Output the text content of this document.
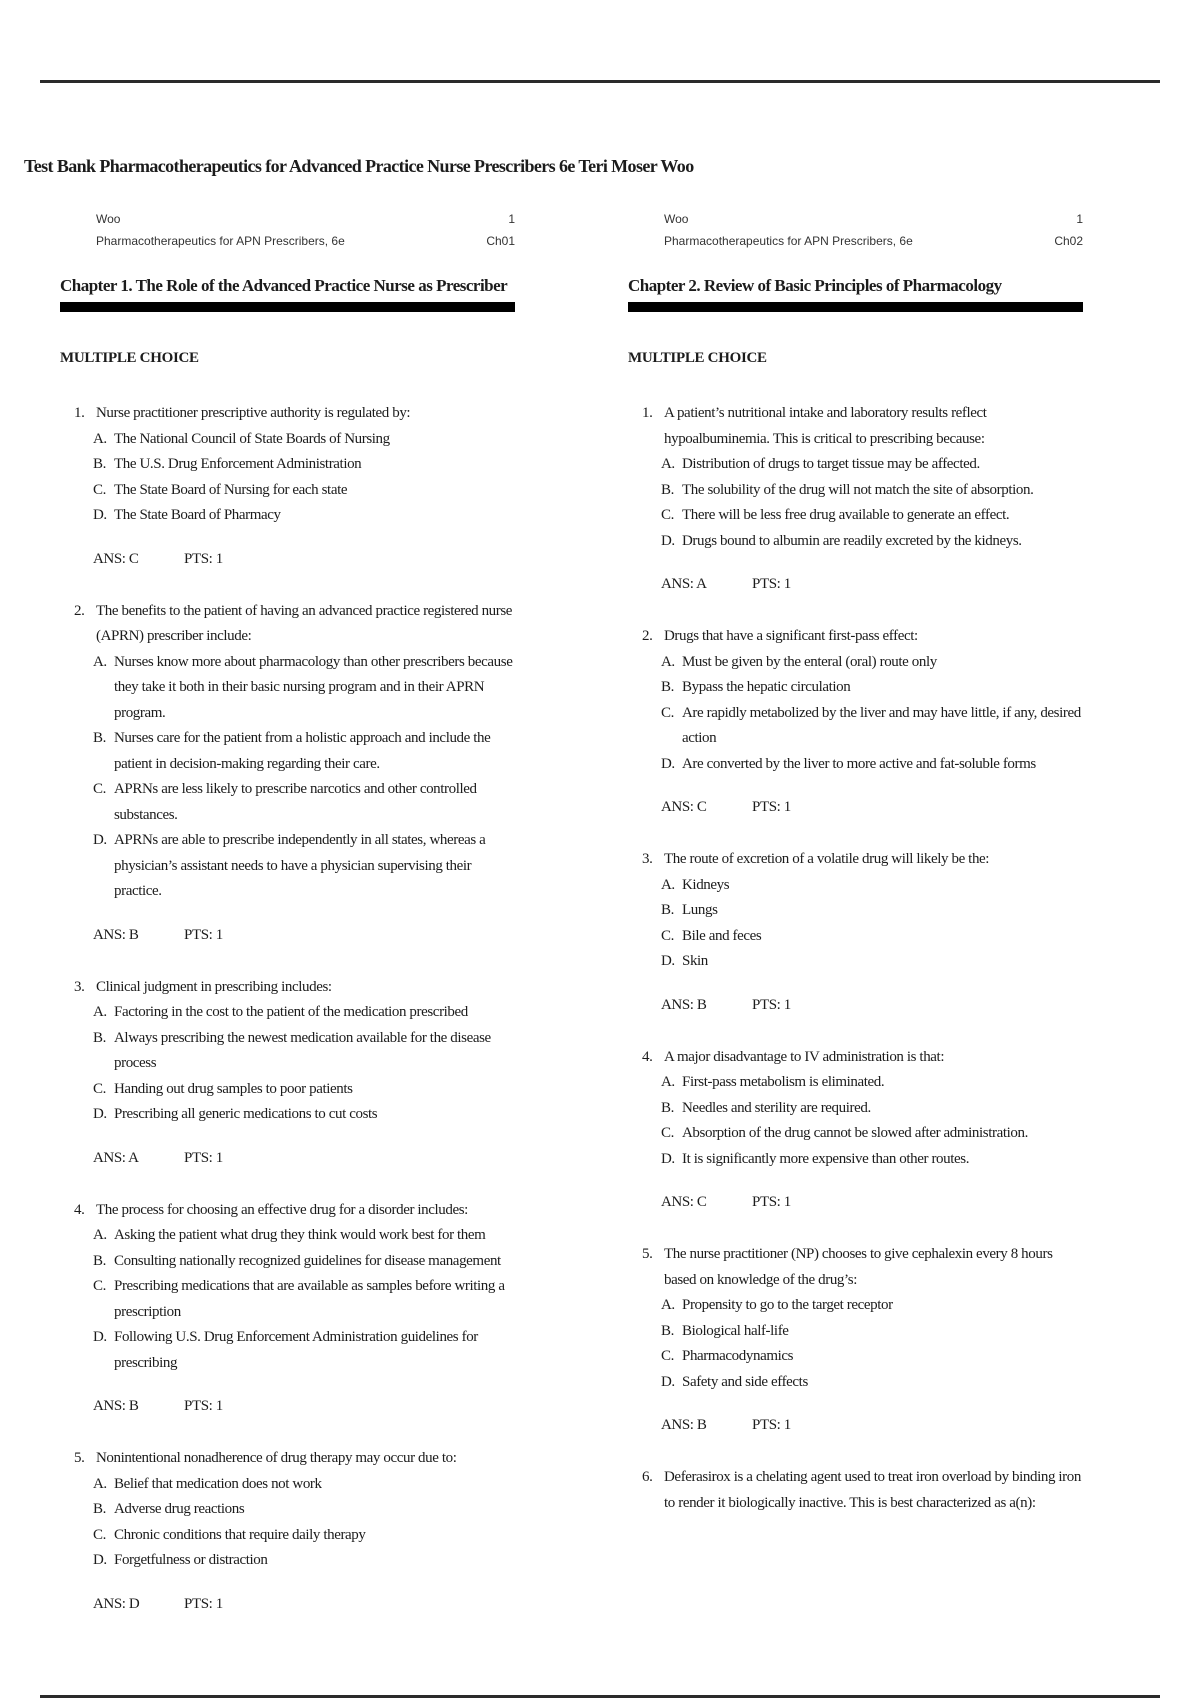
Test Bank Pharmacotherapeutics for Advanced Practice Nurse Prescribers 6e Teri Moser Woo
Woo
Pharmacotherapeutics for APN Prescribers, 6e
1
Ch01
Chapter 1. The Role of the Advanced Practice Nurse as Prescriber
MULTIPLE CHOICE
1. Nurse practitioner prescriptive authority is regulated by:
A. The National Council of State Boards of Nursing
B. The U.S. Drug Enforcement Administration
C. The State Board of Nursing for each state
D. The State Board of Pharmacy
ANS: C	PTS: 1
2. The benefits to the patient of having an advanced practice registered nurse (APRN) prescriber include:
A. Nurses know more about pharmacology than other prescribers because they take it both in their basic nursing program and in their APRN program.
B. Nurses care for the patient from a holistic approach and include the patient in decision-making regarding their care.
C. APRNs are less likely to prescribe narcotics and other controlled substances.
D. APRNs are able to prescribe independently in all states, whereas a physician’s assistant needs to have a physician supervising their practice.
ANS: B	PTS: 1
3. Clinical judgment in prescribing includes:
A. Factoring in the cost to the patient of the medication prescribed
B. Always prescribing the newest medication available for the disease process
C. Handing out drug samples to poor patients
D. Prescribing all generic medications to cut costs
ANS: A	PTS: 1
4. The process for choosing an effective drug for a disorder includes:
A. Asking the patient what drug they think would work best for them
B. Consulting nationally recognized guidelines for disease management
C. Prescribing medications that are available as samples before writing a prescription
D. Following U.S. Drug Enforcement Administration guidelines for prescribing
ANS: B	PTS: 1
5. Nonintentional nonadherence of drug therapy may occur due to:
A. Belief that medication does not work
B. Adverse drug reactions
C. Chronic conditions that require daily therapy
D. Forgetfulness or distraction
ANS: D	PTS: 1
Woo
Pharmacotherapeutics for APN Prescribers, 6e
1
Ch02
Chapter 2. Review of Basic Principles of Pharmacology
MULTIPLE CHOICE
1. A patient’s nutritional intake and laboratory results reflect hypoalbuminemia. This is critical to prescribing because:
A. Distribution of drugs to target tissue may be affected.
B. The solubility of the drug will not match the site of absorption.
C. There will be less free drug available to generate an effect.
D. Drugs bound to albumin are readily excreted by the kidneys.
ANS: A	PTS: 1
2. Drugs that have a significant first-pass effect:
A. Must be given by the enteral (oral) route only
B. Bypass the hepatic circulation
C. Are rapidly metabolized by the liver and may have little, if any, desired action
D. Are converted by the liver to more active and fat-soluble forms
ANS: C	PTS: 1
3. The route of excretion of a volatile drug will likely be the:
A. Kidneys
B. Lungs
C. Bile and feces
D. Skin
ANS: B	PTS: 1
4. A major disadvantage to IV administration is that:
A. First-pass metabolism is eliminated.
B. Needles and sterility are required.
C. Absorption of the drug cannot be slowed after administration.
D. It is significantly more expensive than other routes.
ANS: C	PTS: 1
5. The nurse practitioner (NP) chooses to give cephalexin every 8 hours based on knowledge of the drug’s:
A. Propensity to go to the target receptor
B. Biological half-life
C. Pharmacodynamics
D. Safety and side effects
ANS: B	PTS: 1
6. Deferasirox is a chelating agent used to treat iron overload by binding iron to render it biologically inactive. This is best characterized as a(n):
